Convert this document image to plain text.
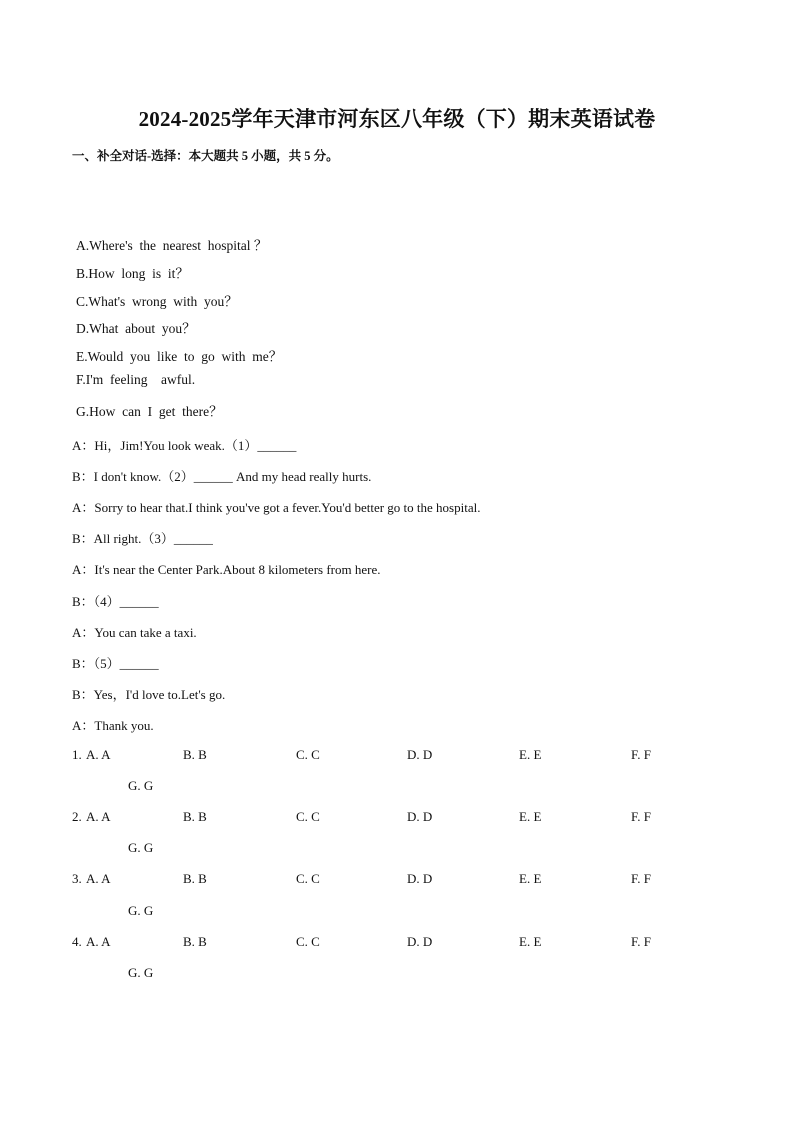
2024-2025学年天津市河东区八年级（下）期末英语试卷
一、补全对话-选择：本大题共 5 小题，共 5 分。
A.Where's  the  nearest  hospital ？
B.How  long  is  it？
C.What's  wrong  with  you？
D.What  about  you？
E.Would  you  like  to  go  with  me？
F.I'm  feeling    awful.
G.How  can  I  get  there？
A：Hi，Jim!You look weak.（1）______
B：I don't know.（2）______ And my head really hurts.
A：Sorry to hear that.I think you've got a fever.You'd better go to the hospital.
B：All right.（3）______
A：It's near the Center Park.About 8 kilometers from here.
B：（4）______
A：You can take a taxi.
B：（5）______
B：Yes，I'd love to.Let's go.
A：Thank you.
1. A. A	B. B	C. C	D. D	E. E	F. F
G. G
2. A. A	B. B	C. C	D. D	E. E	F. F
G. G
3. A. A	B. B	C. C	D. D	E. E	F. F
G. G
4. A. A	B. B	C. C	D. D	E. E	F. F
G. G
